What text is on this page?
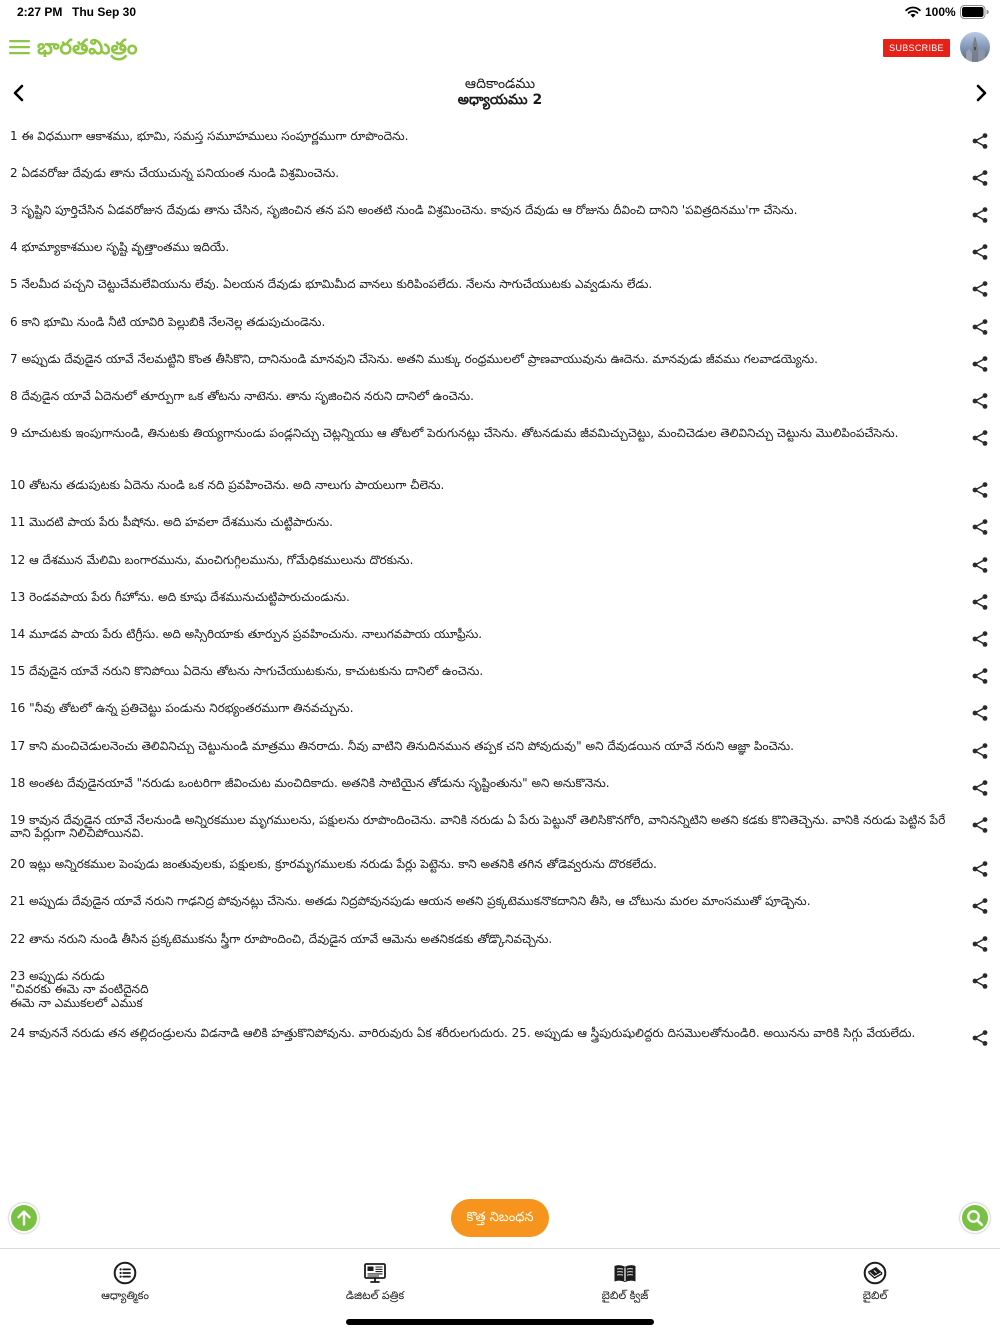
2:27 PM Thu Sep 30	100%
భారతమిత్రం	SUBSCRIBE
ఆదికాండము
అధ్యాయము 2
1 ఈ విధముగా ఆకాశము, భూమి, సమస్త సమూహములు సంపూర్ణముగా రూపొందెను.
2 ఏడవరోజు దేవుడు తాను చేయుచున్న పనియంత నుండి విశ్రమించెను.
3 సృష్టిని పూర్తిచేసిన ఏడవరోజున దేవుడు తాను చేసిన, సృజించిన తన పని అంతటి నుండి విశ్రమించెను. కావున దేవుడు ఆ రోజును దీవించి దానిని 'పవిత్రదినము'గా చేసెను.
4 భూమ్యాకాశముల సృష్టి వృత్తాంతము ఇదియే.
5 నేలమీద పచ్చని చెట్టుచేమలేవియును లేవు. ఏలయన దేవుడు భూమిమీద వానలు కురిపింపలేదు. నేలను సాగుచేయుటకు ఎవ్వడును లేడు.
6 కాని భూమి నుండి నీటి యావిరి పెల్లుబికి నేలనెల్ల తడుపుచుండెను.
7 అప్పుడు దేవుడైన యావే నేలమట్టిని కొంత తీసికొని, దానినుండి మానవుని చేసెను. అతని ముక్కు రంధ్రములలో ప్రాణవాయువును ఊదెను. మానవుడు జీవము గలవాడయ్యెను.
8 దేవుడైన యావే ఏదెనులో తూర్పుగా ఒక తోటను నాటెను. తాను సృజించిన నరుని దానిలో ఉంచెను.
9 చూచుటకు ఇంపుగానుండి, తినుటకు తియ్యగానుండు పండ్లనిచ్చు చెట్లన్నియు ఆ తోటలో పెరుగునట్లు చేసెను. తోటనడుమ జీవమిచ్చుచెట్టు, మంచిచెడుల తెలివినిచ్చు చెట్టును మొలిపింపచేసెను.
10 తోటను తడుపుటకు ఏదెను నుండి ఒక నది ప్రవహించెను. అది నాలుగు పాయలుగా చీలెను.
11 మొదటి పాయ పేరు పీషోను. అది హవలా దేశమును చుట్టిపారును.
12 ఆ దేశమున మేలిమి బంగారమును, మంచిగుగ్గిలమును, గోమేధికములును దొరకును.
13 రెండవపాయ పేరు గీహోను. అది కూషు దేశమునుచుట్టిపారుచుండును.
14 మూడవ పాయ పేరు టిగ్రీసు. అది అస్సిరియాకు తూర్పున ప్రవహించును. నాలుగవపాయ యూఫ్రీసు.
15 దేవుడైన యావే నరుని కొనిపోయి ఏదెను తోటను సాగుచేయుటకును, కాచుటకును దానిలో ఉంచెను.
16 "నీవు తోటలో ఉన్న ప్రతిచెట్టు పండును నిరభ్యంతరముగా తినవచ్చును.
17 కాని మంచిచెడులనెంచు తెలివినిచ్చు చెట్టునుండి మాత్రము తినరాదు. నీవు వాటిని తినుదినమున తప్పక చని పోవుదువు" అని దేవుడయిన యావే నరుని ఆజ్ఞా పించెను.
18 అంతట దేవుడైనయావే "నరుడు ఒంటరిగా జీవించుట మంచిదికాదు. అతనికి సాటియైన తోడును సృష్టింతును" అని అనుకొనెను.
19 కావున దేవుడైన యావే నేలనుండి అన్నిరకముల మృగములను, పక్షులను రూపొందించెను. వానికి నరుడు ఏ పేరు పెట్టునో తెలిసికొనగోరి, వానినన్నిటిని అతని కడకు కొనితెచ్చెను. వానికి నరుడు పెట్టిన పేరే వాని పేర్లుగా నిలిచిపోయినవి.
20 ఇట్లు అన్నిరకముల పెంపుడు జంతువులకు, పక్షులకు, క్రూరమృగములకు నరుడు పేర్లు పెట్టెను. కాని అతనికి తగిన తోడెవ్వరును దొరకలేదు.
21 అప్పుడు దేవుడైన యావే నరుని గాఢనిద్ర పోవునట్లు చేసెను. అతడు నిద్రపోవునపుడు ఆయన అతని ప్రక్కటెముకనొకదానిని తీసి, ఆ చోటును మరల మాంసముతో పూడ్చెను.
22 తాను నరుని నుండి తీసిన ప్రక్కటెముకను స్త్రీగా రూపొందించి, దేవుడైన యావే ఆమెను అతనికడకు తోడ్కొనివచ్చెను.
23 అప్పుడు నరుడు
"చివరకు ఈమె నా వంటిదైనది
ఈమె నా ఎముకలలో ఎముక
24 కావుననే నరుడు తన తల్లిదండ్రులను విడనాడి ఆలికి హత్తుకొనిపోవును. వారిరువురు ఏక శరీరులగుదురు. 25. అప్పుడు ఆ స్త్రీపురుషులిద్దరు దిసమొలతోనుండిరి. అయినను వారికి సిగ్గు వేయలేదు.
కొత్త నిబంధన
ఆధ్యాత్మికం	డిజిటల్ పత్రిక	బైబిల్ క్విజ్	బైబిల్
